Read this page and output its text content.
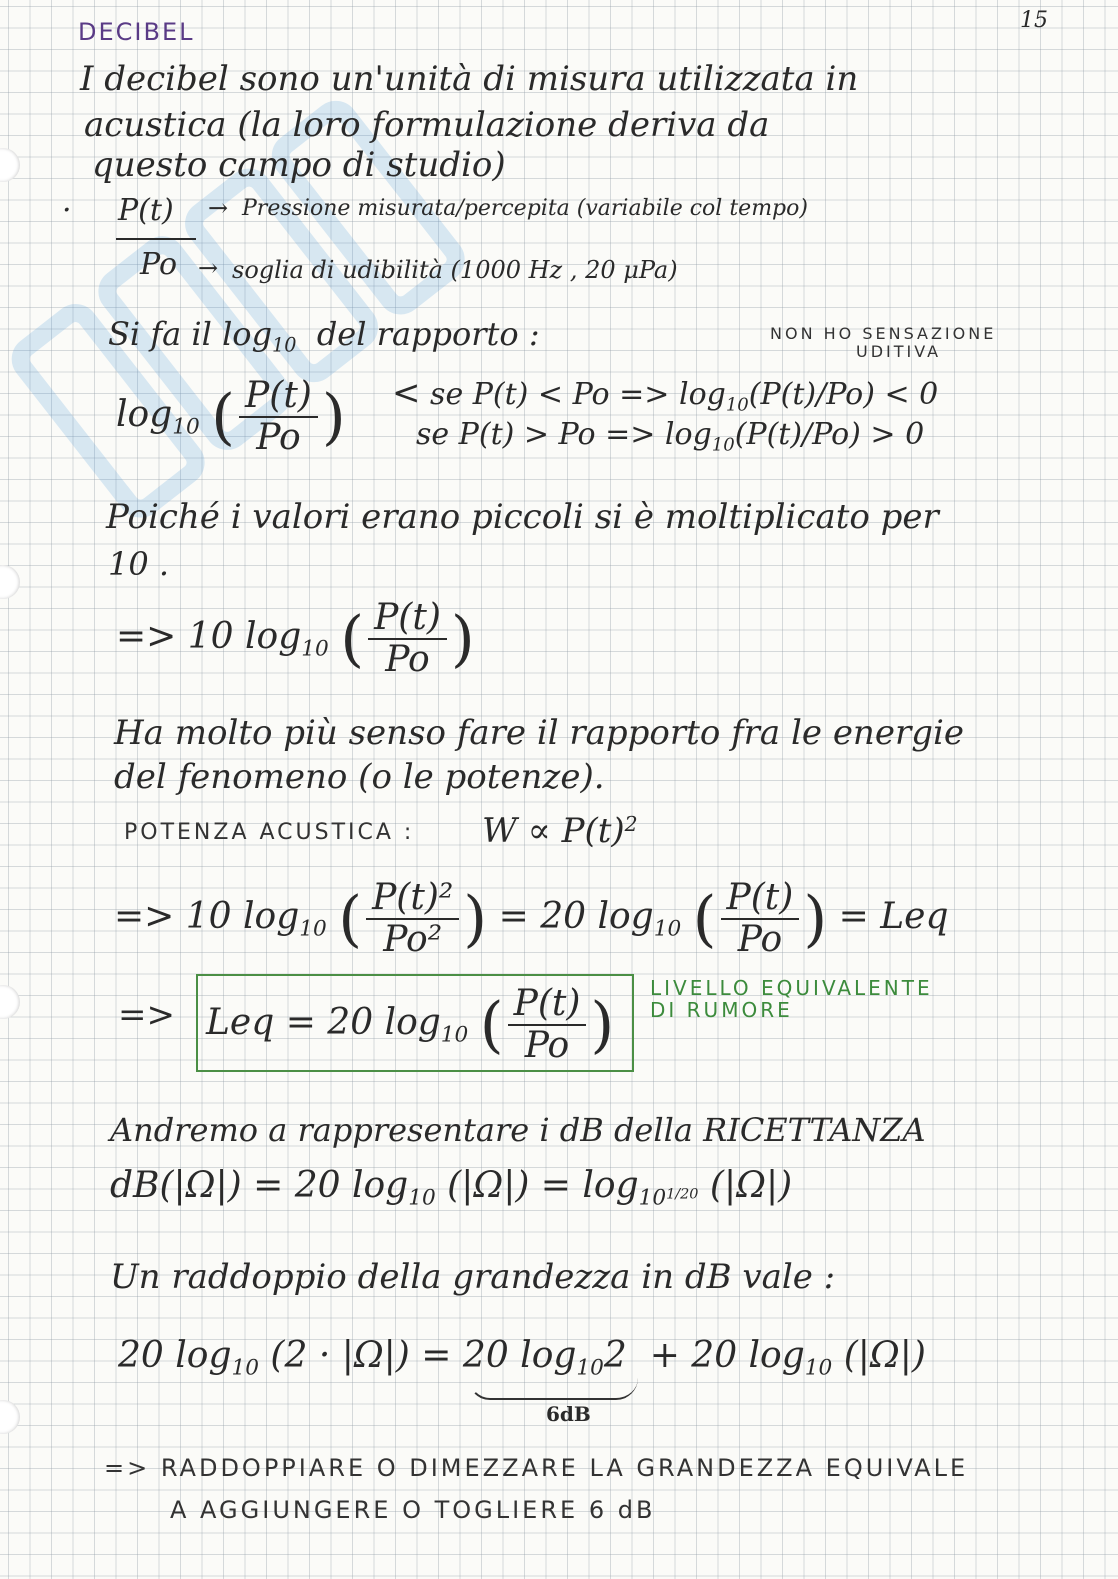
DECIBEL	15
I decibel sono un'unità di misura utilizzata in
acustica (la loro formulazione deriva da
questo campo di studio)
· P(t)
Po
→ Pressione misurata/percepita (variabile col tempo)
→ soglia di udibilità (1000 Hz , 20 μPa)
Si fa il $\log_{10}$ del rapporto :	NON HO SENSAZIONE
UDITIVA
$\log_{10}$ ( $\frac{P(t)}{Po}$ ) < se $P(t) < Po => \log_{10}(P(t)/Po) < 0$
se $P(t) > Po => \log_{10}(P(t)/Po) > 0$
Poiché i valori erano piccoli si è moltiplicato per
10 .
=> 10 $\log_{10}$ ( $\frac{P(t)}{Po}$ )
Ha molto più senso fare il rapporto fra le energie
del fenomeno (o le potenze).
POTENZA ACUSTICA : $W \propto P(t)^2$
=> 10 $\log_{10}$ ( $\frac{\text{P(t)²}}{\text{Po²}}$ ) = 20 $\log_{10}$ ( $\frac{P(t)}{Po}$ ) = Leq
=> Leq = 20 $\log_{10}$ ( $\frac{P(t)}{Po}$ )
LIVELLO EQUIVALENTE
DI RUMORE
Andremo a rappresentare i dB della RICETTANZA
dB(|Ω|) = 20 $\log_{10} (|\Omega|) = \log_{10}1/20$ (|Ω|)
Un raddoppio della grandezza in dB vale :
20 $\log_{10} (2 \cdot |\Omega|) = 20$ $\log_{10}2 + 20$ $\log_{10} (|\Omega|)$
6dB
=> RADDOPPIARE O DIMEZZARE LA GRANDEZZA EQUIVALE
A AGGIUNGERE O TOGLIERE 6 dB
